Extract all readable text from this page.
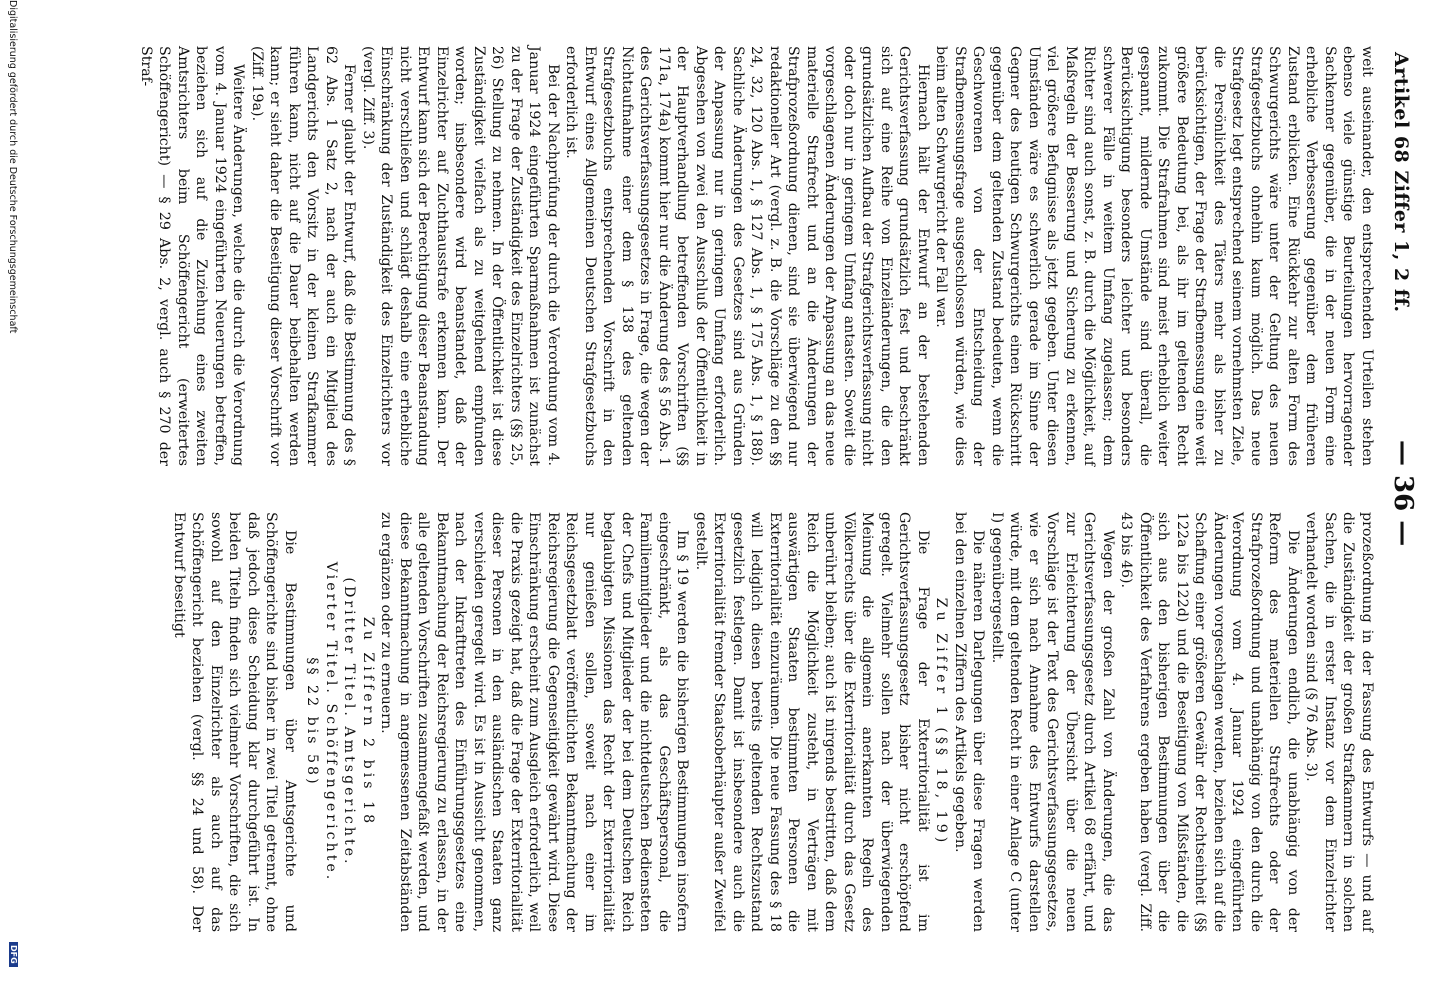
Artikel 68 Ziffer 1, 2 ff.
— 36 —

weit auseinander, den entsprechenden Urteilen stehen ebenso viele günstige Beurteilungen hervorragender Sachkenner gegenüber, die in der neuen Form eine erhebliche Verbesserung gegenüber dem früheren Zustand erblicken. Eine Rückkehr zur alten Form des Schwurgerichts wäre unter der Geltung des neuen Strafgesetzbuchs ohnehin kaum möglich. Das neue Strafgesetz legt entsprechend seinem vornehmsten Ziele, die Persönlichkeit des Täters mehr als bisher zu berücksichtigen, der Frage der Strafbemessung eine weit größere Bedeutung bei, als ihr im geltenden Recht zukommt. Die Strafrahmen sind meist erheblich weiter gespannt, mildernde Umstände sind überall, die Berücksichtigung besonders leichter und besonders schwerer Fälle in weitem Umfang zugelassen; dem Richter sind auch sonst, z. B. durch die Möglichkeit, auf Maßregeln der Besserung und Sicherung zu erkennen, viel größere Befugnisse als jetzt gegeben. Unter diesen Umständen wäre es schwerlich gerade im Sinne der Gegner des heutigen Schwurgerichts einen Rückschritt gegenüber dem geltenden Zustand bedeuten, wenn die Geschworenen von der Entscheidung der Strafbemessungsfrage ausgeschlossen würden, wie dies beim alten Schwurgericht der Fall war.

Hiernach hält der Entwurf an der bestehenden Gerichtsverfassung grundsätzlich fest und beschränkt sich auf eine Reihe von Einzeländerungen, die den grundsätzlichen Aufbau der Strafgerichtsverfassung nicht oder doch nur in geringem Umfang antasten. Soweit die vorgeschlagenen Änderungen der Anpassung an das neue materielle Strafrecht und an die Änderungen der Strafprozeßordnung dienen, sind sie überwiegend nur redaktioneller Art (vergl. z. B. die Vorschläge zu den §§ 24, 32, 120 Abs. 1, § 127 Abs. 1, § 175 Abs. 1, § 188). Sachliche Änderungen des Gesetzes sind aus Gründen der Anpassung nur in geringem Umfang erforderlich. Abgesehen von zwei den Ausschluß der Öffentlichkeit in der Hauptverhandlung betreffenden Vorschriften (§§ 171a, 174a) kommt hier nur die Änderung des § 56 Abs. 1 des Gerichtsverfassungsgesetzes in Frage, die wegen der Nichtaufnahme einer dem § 138 des geltenden Strafgesetzbuchs entsprechenden Vorschrift in den Entwurf eines Allgemeinen Deutschen Strafgesetzbuchs erforderlich ist.

Bei der Nachprüfung der durch die Verordnung vom 4. Januar 1924 eingeführten Sparmaßnahmen ist zunächst zu der Frage der Zuständigkeit des Einzelrichters (§§ 25, 26) Stellung zu nehmen. In der Öffentlichkeit ist diese Zuständigkeit vielfach als zu weitgehend empfunden worden; insbesondere wird beanstandet, daß der Einzelrichter auf Zuchthausstrafe erkennen kann. Der Entwurf kann sich der Berechtigung dieser Beanstandung nicht verschließen und schlägt deshalb eine erhebliche Einschränkung der Zuständigkeit des Einzelrichters vor (vergl. Ziff. 3).

Ferner glaubt der Entwurf, daß die Bestimmung des § 62 Abs. 1 Satz 2, nach der auch ein Mitglied des Landgerichts den Vorsitz in der kleinen Strafkammer führen kann, nicht auf die Dauer beibehalten werden kann; er sieht daher die Beseitigung dieser Vorschrift vor (Ziff. 19a).

Weitere Änderungen, welche die durch die Verordnung vom 4. Januar 1924 eingeführten Neuerungen betreffen, beziehen sich auf die Zuziehung eines zweiten Amtsrichters beim Schöffengericht (erweitertes Schöffengericht) — § 29 Abs. 2, vergl. auch § 270 der Straf-

prozeßordnung in der Fassung des Entwurfs — und auf die Zuständigkeit der großen Strafkammern in solchen Sachen, die in erster Instanz vor dem Einzelrichter verhandelt worden sind (§ 76 Abs. 3).

Die Änderungen endlich, die unabhängig von der Reform des materiellen Strafrechts oder der Strafprozeßordnung und unabhängig von den durch die Verordnung vom 4. Januar 1924 eingeführten Änderungen vorgeschlagen werden, beziehen sich auf die Schaffung einer größeren Gewähr der Rechtseinheit (§§ 122a bis 122d) und die Beseitigung von Mißständen, die sich aus den bisherigen Bestimmungen über die Öffentlichkeit des Verfahrens ergeben haben (vergl. Ziff. 43 bis 46).

Wegen der großen Zahl von Änderungen, die das Gerichtsverfassungsgesetz durch Artikel 68 erfährt, und zur Erleichterung der Übersicht über die neuen Vorschläge ist der Text des Gerichtsverfassungsgesetzes, wie er sich nach Annahme des Entwurfs darstellen würde, mit dem geltenden Recht in einer Anlage C (unter I) gegenübergestellt.

Die näheren Darlegungen über diese Fragen werden bei den einzelnen Ziffern des Artikels gegeben.

Zu Ziffer 1 (§§ 18, 19)

Die Frage der Exterritorialität ist im Gerichtsverfassungsgesetz bisher nicht erschöpfend geregelt. Vielmehr sollen nach der überwiegenden Meinung die allgemein anerkannten Regeln des Völkerrechts über die Exterritorialität durch das Gesetz unberührt bleiben; auch ist nirgends bestritten, daß dem Reich die Möglichkeit zusteht, in Verträgen mit auswärtigen Staaten bestimmten Personen die Exterritorialität einzuräumen. Die neue Fassung des § 18 will lediglich diesen bereits geltenden Rechtszustand gesetzlich festlegen. Damit ist insbesondere auch die Exterritorialität fremder Staatsoberhäupter außer Zweifel gestellt.

Im § 19 werden die bisherigen Bestimmungen insofern eingeschränkt, als das Geschäftspersonal, die Familienmitglieder und die nichtdeutschen Bediensteten der Chefs und Mitglieder der bei dem Deutschen Reich beglaubigten Missionen das Recht der Exterritorialität nur genießen sollen, soweit nach einer im Reichsgesetzblatt veröffentlichten Bekanntmachung der Reichsregierung die Gegenseitigkeit gewährt wird. Diese Einschränkung erscheint zum Ausgleich erforderlich, weil die Praxis gezeigt hat, daß die Frage der Exterritorialität dieser Personen in den ausländischen Staaten ganz verschieden geregelt wird. Es ist in Aussicht genommen, nach der Inkrafttreten des Einführungsgesetzes eine Bekanntmachung der Reichsregierung zu erlassen, in der alle geltenden Vorschriften zusammengefaßt werden, und diese Bekanntmachung in angemessenen Zeitabständen zu ergänzen oder zu erneuern.

Zu Ziffern 2 bis 18

(Dritter Titel. Amtsgerichte.

Vierter Titel. Schöffengerichte.

§§ 22 bis 58)

Die Bestimmungen über Amtsgerichte und Schöffengerichte sind bisher in zwei Titel getrennt, ohne daß jedoch diese Scheidung klar durchgeführt ist. In beiden Titeln finden sich vielmehr Vorschriften, die sich sowohl auf den Einzelrichter als auch auf das Schöffengericht beziehen (vergl. §§ 24 und 58). Der Entwurf beseitigt

Digitalisierung gefördert durch die Deutsche Forschungsgemeinschaft
DFG
